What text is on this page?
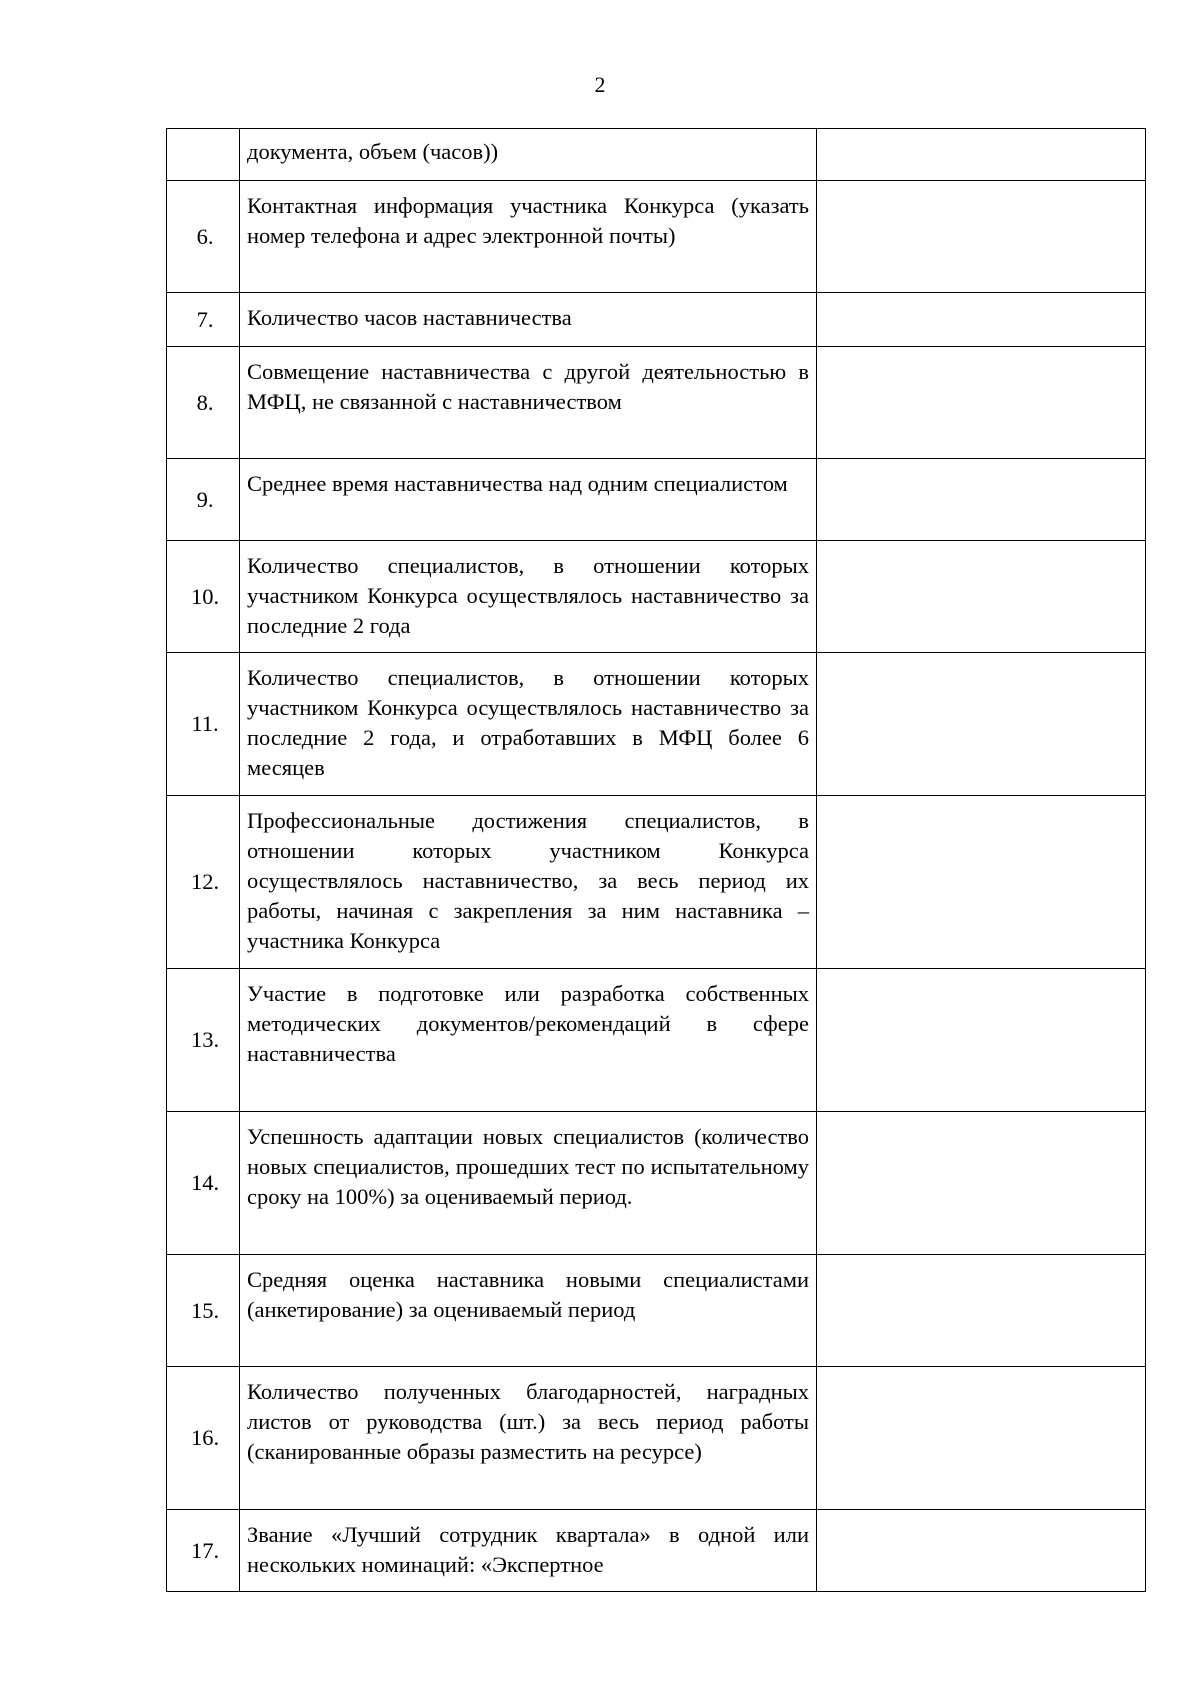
2

	документа, объем (часов))	

6.	Контактная информация участника Конкурса (указать номер телефона и адрес электронной почты)	

7.	Количество часов наставничества	

8.	Совмещение наставничества с другой деятельностью в МФЦ, не связанной с наставничеством	

9.	Среднее время наставничества над одним специалистом	

10.	Количество специалистов, в отношении которых участником Конкурса осуществлялось наставничество за последние 2 года	

11.	Количество специалистов, в отношении которых участником Конкурса осуществлялось наставничество за последние 2 года, и отработавших в МФЦ более 6 месяцев	

12.	Профессиональные достижения специалистов, в отношении которых участником Конкурса осуществлялось наставничество, за весь период их работы, начиная с закрепления за ним наставника – участника Конкурса	

13.	Участие в подготовке или разработка собственных методических документов/рекомендаций в сфере наставничества	

14.	Успешность адаптации новых специалистов (количество новых специалистов, прошедших тест по испытательному сроку на 100%) за оцениваемый период.	

15.	Средняя оценка наставника новыми специалистами (анкетирование) за оцениваемый период	

16.	Количество полученных благодарностей, наградных листов от руководства (шт.) за весь период работы (сканированные образы разместить на ресурсе)	

17.	Звание «Лучший сотрудник квартала» в одной или нескольких номинаций: «Экспертное	
